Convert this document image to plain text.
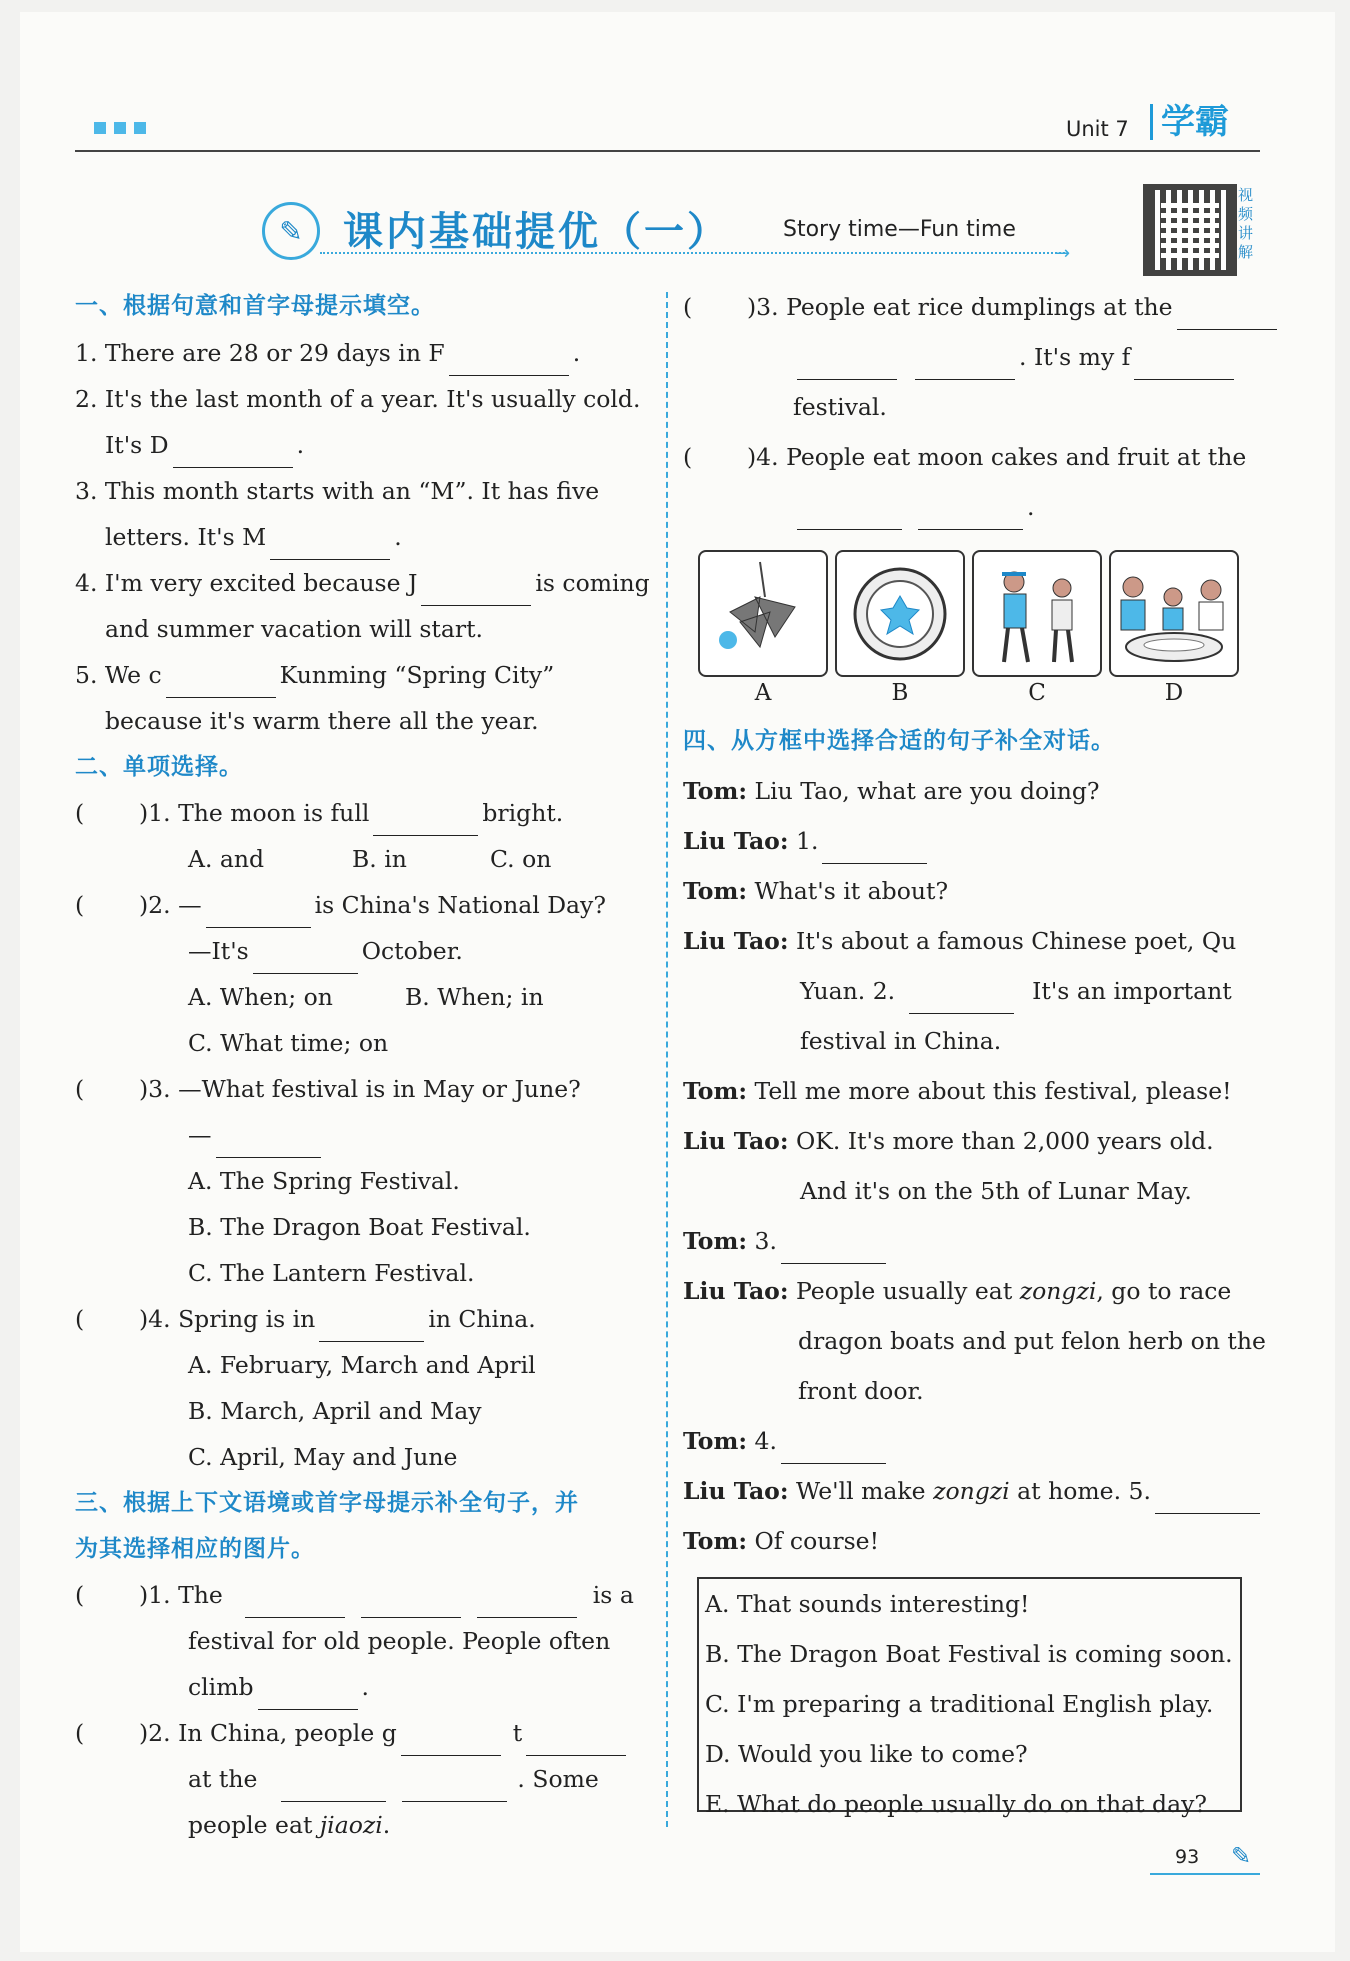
Unit 7 学霸
✎	课内基础提优（一） Story time—Fun time
→
视频讲解
一、根据句意和首字母提示填空。
1. There are 28 or 29 days in F	.
2. It's the last month of a year. It's usually cold.
It's D	.
3. This month starts with an “M”. It has five
letters. It's M	.
4. I'm very excited because J	is coming
and summer vacation will start.
5. We c	Kunming “Spring City”
because it's warm there all the year.
二、单项选择。
( )1. The moon is full	bright.
A. and	B. in	C. on
( )2. —	is China's National Day?
—It's	October.
A. When; on	B. When; in
C. What time; on
( )3. —What festival is in May or June?
—
A. The Spring Festival.
B. The Dragon Boat Festival.
C. The Lantern Festival.
( )4. Spring is in	in China.
A. February, March and April
B. March, April and May
C. April, May and June
三、根据上下文语境或首字母提示补全句子，并
为其选择相应的图片。
( )1. The	is a
festival for old people. People often
climb	.
( )2. In China, people g	t
at the	. Some
people eat jiaozi.
( )3. People eat rice dumplings at the
. It's my f
festival.
( )4. People eat moon cakes and fruit at the
.
A	B	C	D
四、从方框中选择合适的句子补全对话。
Tom: Liu Tao, what are you doing?
Liu Tao: 1.
Tom: What's it about?
Liu Tao: It's about a famous Chinese poet, Qu
Yuan. 2.	It's an important
festival in China.
Tom: Tell me more about this festival, please!
Liu Tao: OK. It's more than 2,000 years old.
And it's on the 5th of Lunar May.
Tom: 3.
Liu Tao: People usually eat zongzi, go to race
dragon boats and put felon herb on the
front door.
Tom: 4.
Liu Tao: We'll make zongzi at home. 5.
Tom: Of course!
A. That sounds interesting!
B. The Dragon Boat Festival is coming soon.
C. I'm preparing a traditional English play.
D. Would you like to come?
E. What do people usually do on that day?
93 ✎
